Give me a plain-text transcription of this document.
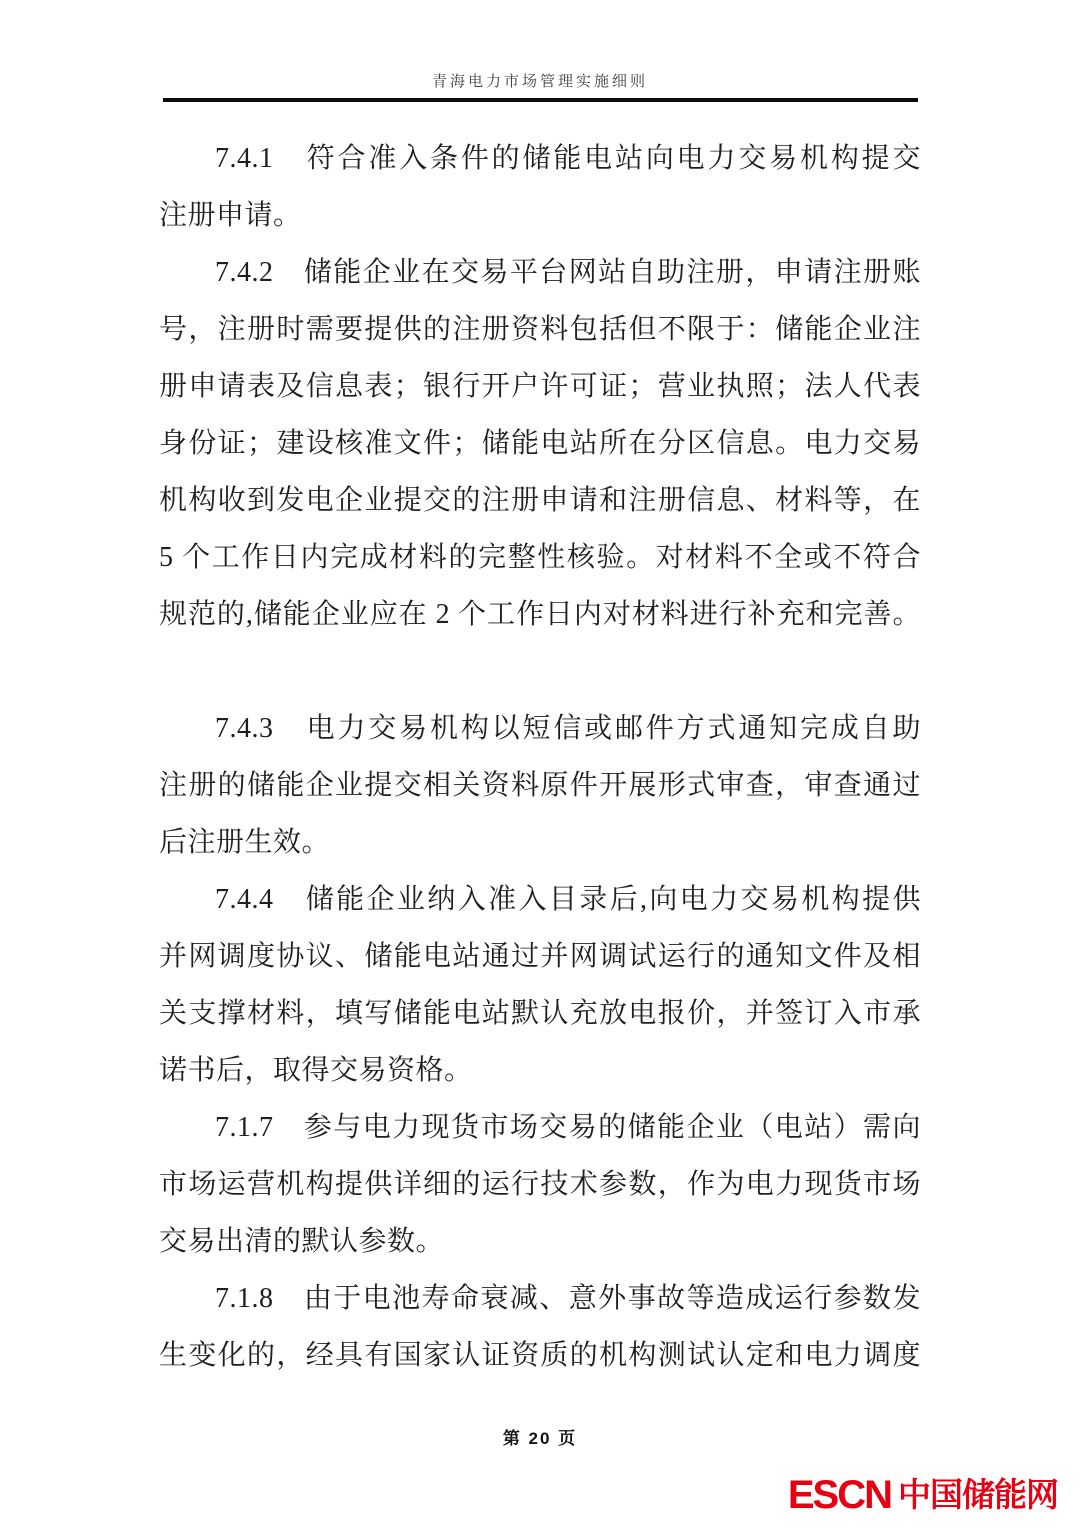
青海电力市场管理实施细则
7.4.1　符合准入条件的储能电站向电力交易机构提交
注册申请。
7.4.2　储能企业在交易平台网站自助注册，申请注册账
号，注册时需要提供的注册资料包括但不限于：储能企业注
册申请表及信息表；银行开户许可证；营业执照；法人代表
身份证；建设核准文件；储能电站所在分区信息。电力交易
机构收到发电企业提交的注册申请和注册信息、材料等，在
5 个工作日内完成材料的完整性核验。对材料不全或不符合
规范的,储能企业应在 2 个工作日内对材料进行补充和完善。
7.4.3　电力交易机构以短信或邮件方式通知完成自助
注册的储能企业提交相关资料原件开展形式审查，审查通过
后注册生效。
7.4.4　储能企业纳入准入目录后,向电力交易机构提供
并网调度协议、储能电站通过并网调试运行的通知文件及相
关支撑材料，填写储能电站默认充放电报价，并签订入市承
诺书后，取得交易资格。
7.1.7　参与电力现货市场交易的储能企业（电站）需向
市场运营机构提供详细的运行技术参数，作为电力现货市场
交易出清的默认参数。
7.1.8　由于电池寿命衰减、意外事故等造成运行参数发
生变化的，经具有国家认证资质的机构测试认定和电力调度
第 20 页
ESCN 中国储能网
